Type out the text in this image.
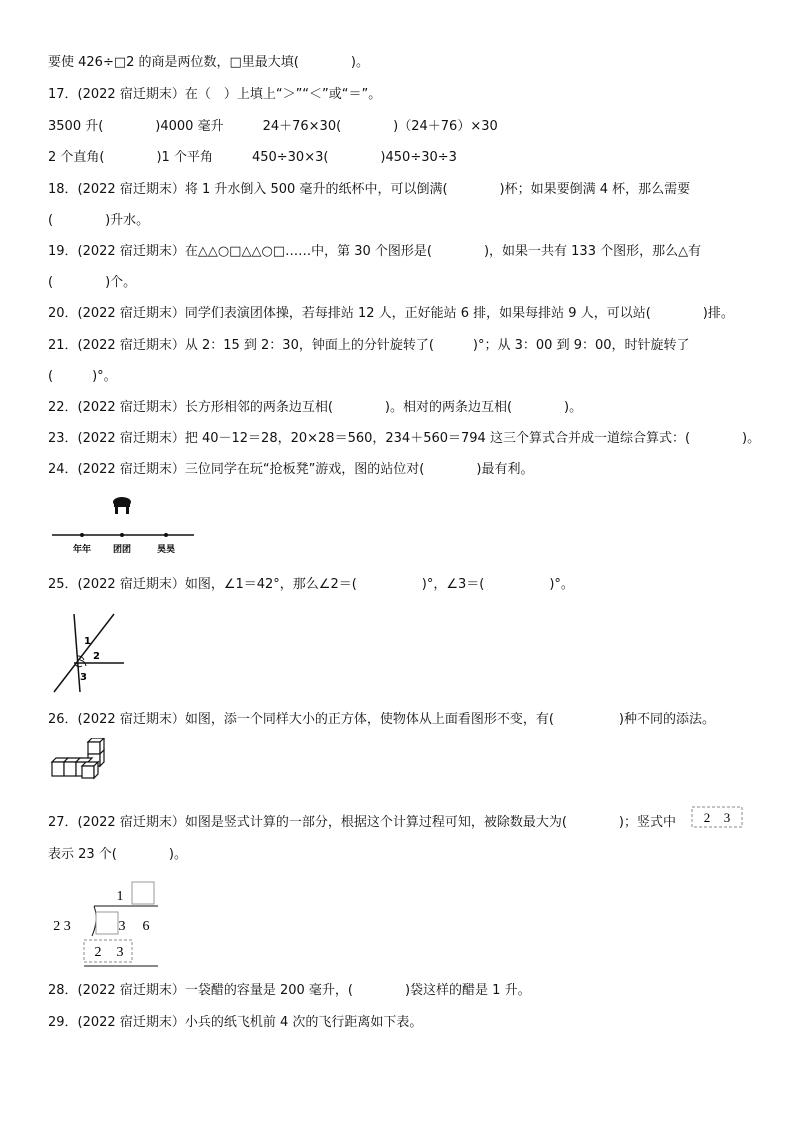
要使 426÷□2 的商是两位数，□里最大填(　　　　)。
17．(2022 宿迁期末）在（　）上填上“＞”“＜”或“＝”。
3500 升(　　　　)4000 毫升　　　24＋76×30(　　　　)（24＋76）×30
2 个直角(　　　　)1 个平角　　　450÷30×3(　　　　)450÷30÷3
18．(2022 宿迁期末）将 1 升水倒入 500 毫升的纸杯中，可以倒满(　　　　)杯；如果要倒满 4 杯，那么需要
(　　　　)升水。
19．(2022 宿迁期末）在△△○□△△○□……中，第 30 个图形是(　　　　)，如果一共有 133 个图形，那么△有
(　　　　)个。
20．(2022 宿迁期末）同学们表演团体操，若每排站 12 人，正好能站 6 排，如果每排站 9 人，可以站(　　　　)排。
21．(2022 宿迁期末）从 2：15 到 2：30，钟面上的分针旋转了(　　　)°；从 3：00 到 9：00，时针旋转了
(　　　)°。
22．(2022 宿迁期末）长方形相邻的两条边互相(　　　　)。相对的两条边互相(　　　　)。
23．(2022 宿迁期末）把 40－12＝28，20×28＝560，234＋560＝794 这三个算式合并成一道综合算式：(　　　　)。
24．(2022 宿迁期末）三位同学在玩“抢板凳”游戏，图的站位对(　　　　)最有利。
年年 团团	昊昊
25．(2022 宿迁期末）如图，∠1＝42°，那么∠2＝(　　　　　)°，∠3＝(　　　　　)°。
1
2
3
26．(2022 宿迁期末）如图，添一个同样大小的正方体，使物体从上面看图形不变，有(　　　　　)种不同的添法。
27．(2022 宿迁期末）如图是竖式计算的一部分，根据这个计算过程可知，被除数最大为(　　　　)；竖式中 2 3
表示 23 个(　　　　)。
1
2 3	3 6
2 3
28．(2022 宿迁期末）一袋醋的容量是 200 毫升，(　　　　)袋这样的醋是 1 升。
29．(2022 宿迁期末）小兵的纸飞机前 4 次的飞行距离如下表。
